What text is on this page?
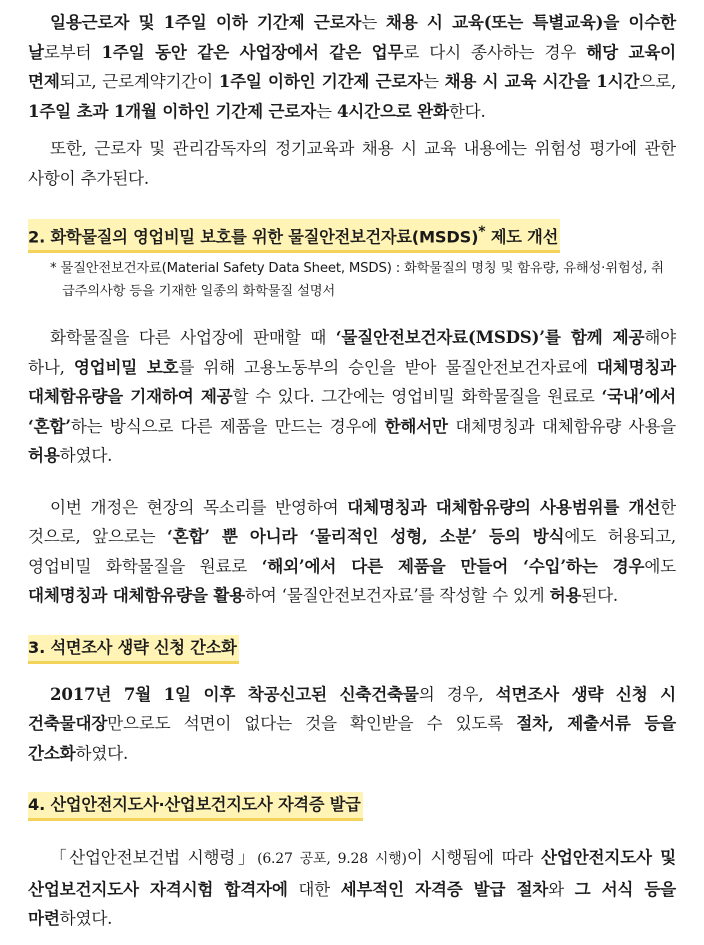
일용근로자 및 1주일 이하 기간제 근로자는 채용 시 교육(또는 특별교육)을 이수한 날로부터 1주일 동안 같은 사업장에서 같은 업무로 다시 종사하는 경우 해당 교육이 면제되고, 근로계약기간이 1주일 이하인 기간제 근로자는 채용 시 교육 시간을 1시간으로, 1주일 초과 1개월 이하인 기간제 근로자는 4시간으로 완화한다.

또한, 근로자 및 관리감독자의 정기교육과 채용 시 교육 내용에는 위험성 평가에 관한 사항이 추가된다.

2. 화학물질의 영업비밀 보호를 위한 물질안전보건자료(MSDS)* 제도 개선

* 물질안전보건자료(Material Safety Data Sheet, MSDS) : 화학물질의 명칭 및 함유량, 유해성·위험성, 취급주의사항 등을 기재한 일종의 화학물질 설명서

화학물질을 다른 사업장에 판매할 때 ‘물질안전보건자료(MSDS)’를 함께 제공해야 하나, 영업비밀 보호를 위해 고용노동부의 승인을 받아 물질안전보건자료에 대체명칭과 대체함유량을 기재하여 제공할 수 있다. 그간에는 영업비밀 화학물질을 원료로 ‘국내’에서 ‘혼합’하는 방식으로 다른 제품을 만드는 경우에 한해서만 대체명칭과 대체함유량 사용을 허용하였다.

이번 개정은 현장의 목소리를 반영하여 대체명칭과 대체함유량의 사용범위를 개선한 것으로, 앞으로는 ‘혼합’ 뿐 아니라 ‘물리적인 성형, 소분’ 등의 방식에도 허용되고, 영업비밀 화학물질을 원료로 ‘해외’에서 다른 제품을 만들어 ‘수입’하는 경우에도 대체명칭과 대체함유량을 활용하여 ‘물질안전보건자료’를 작성할 수 있게 허용된다.

3. 석면조사 생략 신청 간소화

2017년 7월 1일 이후 착공신고된 신축건축물의 경우, 석면조사 생략 신청 시 건축물대장만으로도 석면이 없다는 것을 확인받을 수 있도록 절차, 제출서류 등을 간소화하였다.

4. 산업안전지도사·산업보건지도사 자격증 발급

「산업안전보건법 시행령」(6.27 공포, 9.28 시행)이 시행됨에 따라 산업안전지도사 및 산업보건지도사 자격시험 합격자에 대한 세부적인 자격증 발급 절차와 그 서식 등을 마련하였다.
